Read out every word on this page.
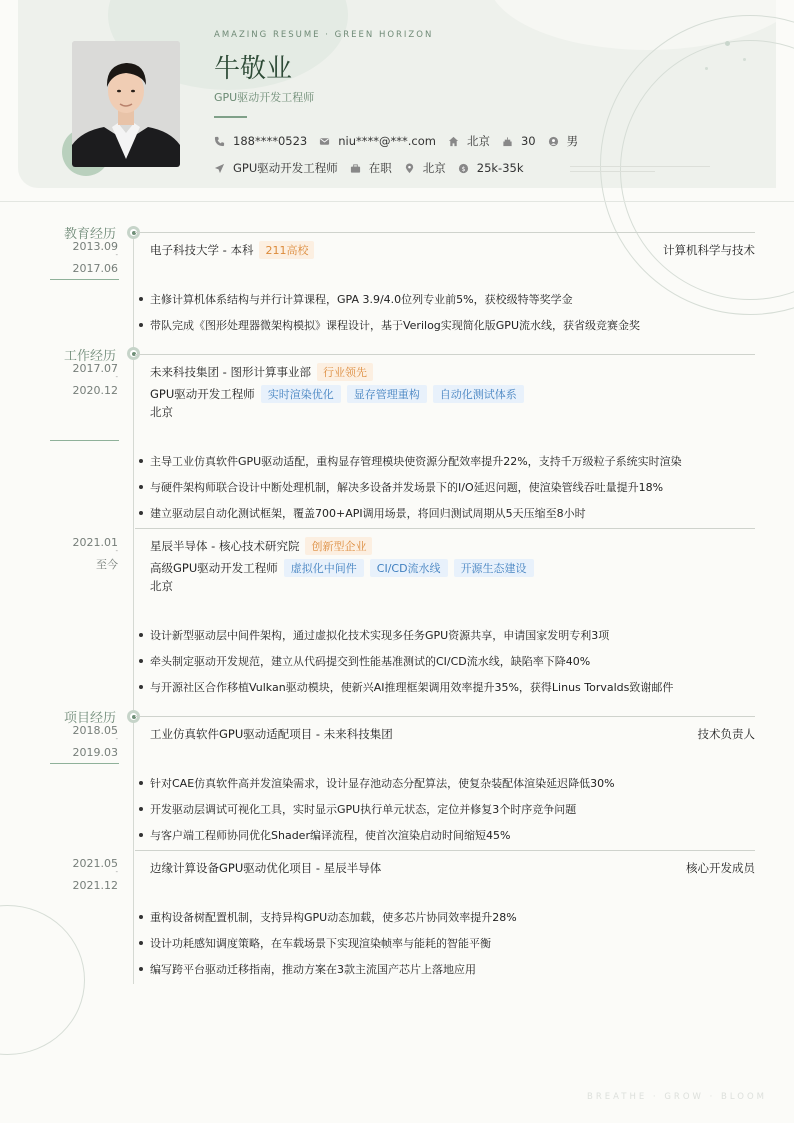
AMAZING RESUME · GREEN HORIZON
牛敬业
GPU驱动开发工程师
188****0523	niu****@***.com	北京	30	男
GPU驱动开发工程师	在职	北京 $ 25k-35k
教育经历
2013.09
-
2017.06
电子科技大学 - 本科	211高校	计算机科学与技术
主修计算机体系结构与并行计算课程，GPA 3.9/4.0位列专业前5%，获校级特等奖学金
带队完成《图形处理器微架构模拟》课程设计，基于Verilog实现简化版GPU流水线，获省级竞赛金奖
工作经历
2017.07
-
2020.12
未来科技集团 - 图形计算事业部	行业领先
GPU驱动开发工程师	实时渲染优化	显存管理重构	自动化测试体系
北京
主导工业仿真软件GPU驱动适配，重构显存管理模块使资源分配效率提升22%，支持千万级粒子系统实时渲染
与硬件架构师联合设计中断处理机制，解决多设备并发场景下的I/O延迟问题，使渲染管线吞吐量提升18%
建立驱动层自动化测试框架，覆盖700+API调用场景，将回归测试周期从5天压缩至8小时
2021.01
-
至今
星辰半导体 - 核心技术研究院	创新型企业
高级GPU驱动开发工程师	虚拟化中间件	CI/CD流水线	开源生态建设
北京
设计新型驱动层中间件架构，通过虚拟化技术实现多任务GPU资源共享，申请国家发明专利3项
牵头制定驱动开发规范，建立从代码提交到性能基准测试的CI/CD流水线，缺陷率下降40%
与开源社区合作移植Vulkan驱动模块，使新兴AI推理框架调用效率提升35%，获得Linus Torvalds致谢邮件
项目经历
2018.05
-
2019.03
工业仿真软件GPU驱动适配项目 - 未来科技集团	技术负责人
针对CAE仿真软件高并发渲染需求，设计显存池动态分配算法，使复杂装配体渲染延迟降低30%
开发驱动层调试可视化工具，实时显示GPU执行单元状态，定位并修复3个时序竞争问题
与客户端工程师协同优化Shader编译流程，使首次渲染启动时间缩短45%
2021.05
-
2021.12
边缘计算设备GPU驱动优化项目 - 星辰半导体	核心开发成员
重构设备树配置机制，支持异构GPU动态加载，使多芯片协同效率提升28%
设计功耗感知调度策略，在车载场景下实现渲染帧率与能耗的智能平衡
编写跨平台驱动迁移指南，推动方案在3款主流国产芯片上落地应用
BREATHE · GROW · BLOOM
